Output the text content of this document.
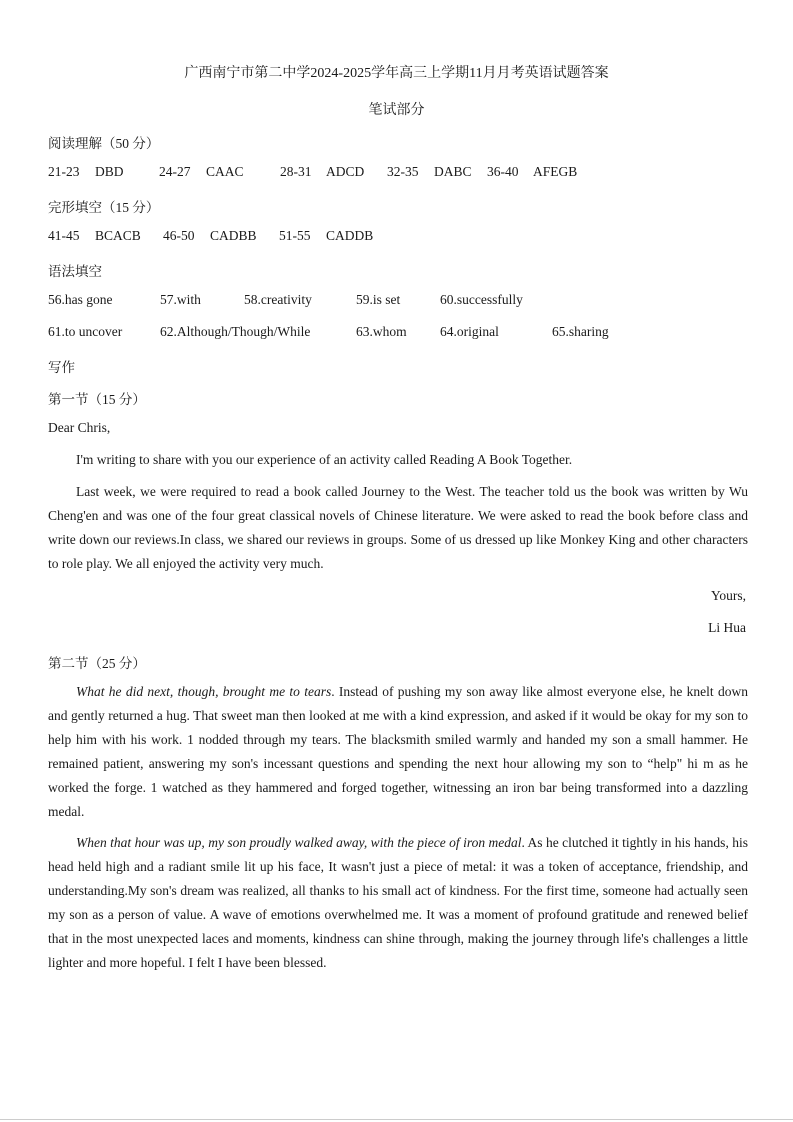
广西南宁市第二中学2024-2025学年高三上学期11月月考英语试题答案
笔试部分
阅读理解（50 分）
21-23 DBD	24-27 CAAC	28-31 ADCD 32-35 DABC 36-40 AFEGB
完形填空（15 分）
41-45 BCACB 46-50 CADBB 51-55 CADDB
语法填空
56.has gone	57.with	58.creativity	59.is set	60.successfully
61.to uncover	62.Although/Though/While	63.whom 64.original	65.sharing
写作
第一节（15 分）
Dear Chris,
I'm writing to share with you our experience of an activity called Reading A Book Together.
Last week, we were required to read a book called Journey to the West. The teacher told us the book was written by Wu Cheng'en and was one of the four great classical novels of Chinese literature. We were asked to read the book before class and write down our reviews.In class, we shared our reviews in groups. Some of us dressed up like Monkey King and other characters to role play. We all enjoyed the activity very much.
Yours,
Li Hua
第二节（25 分）
What he did next, though, brought me to tears. Instead of pushing my son away like almost everyone else, he knelt down and gently returned a hug. That sweet man then looked at me with a kind expression, and asked if it would be okay for my son to help him with his work. 1 nodded through my tears. The blacksmith smiled warmly and handed my son a small hammer. He remained patient, answering my son's incessant questions and spending the next hour allowing my son to “help" hi m as he worked the forge. 1 watched as they hammered and forged together, witnessing an iron bar being transformed into a dazzling medal.
When that hour was up, my son proudly walked away, with the piece of iron medal. As he clutched it tightly in his hands, his head held high and a radiant smile lit up his face, It wasn't just a piece of metal: it was a token of acceptance, friendship, and understanding.My son's dream was realized, all thanks to his small act of kindness. For the first time, someone had actually seen my son as a person of value. A wave of emotions overwhelmed me. It was a moment of profound gratitude and renewed belief that in the most unexpected laces and moments, kindness can shine through, making the journey through life's challenges a little lighter and more hopeful. I felt I have been blessed.
